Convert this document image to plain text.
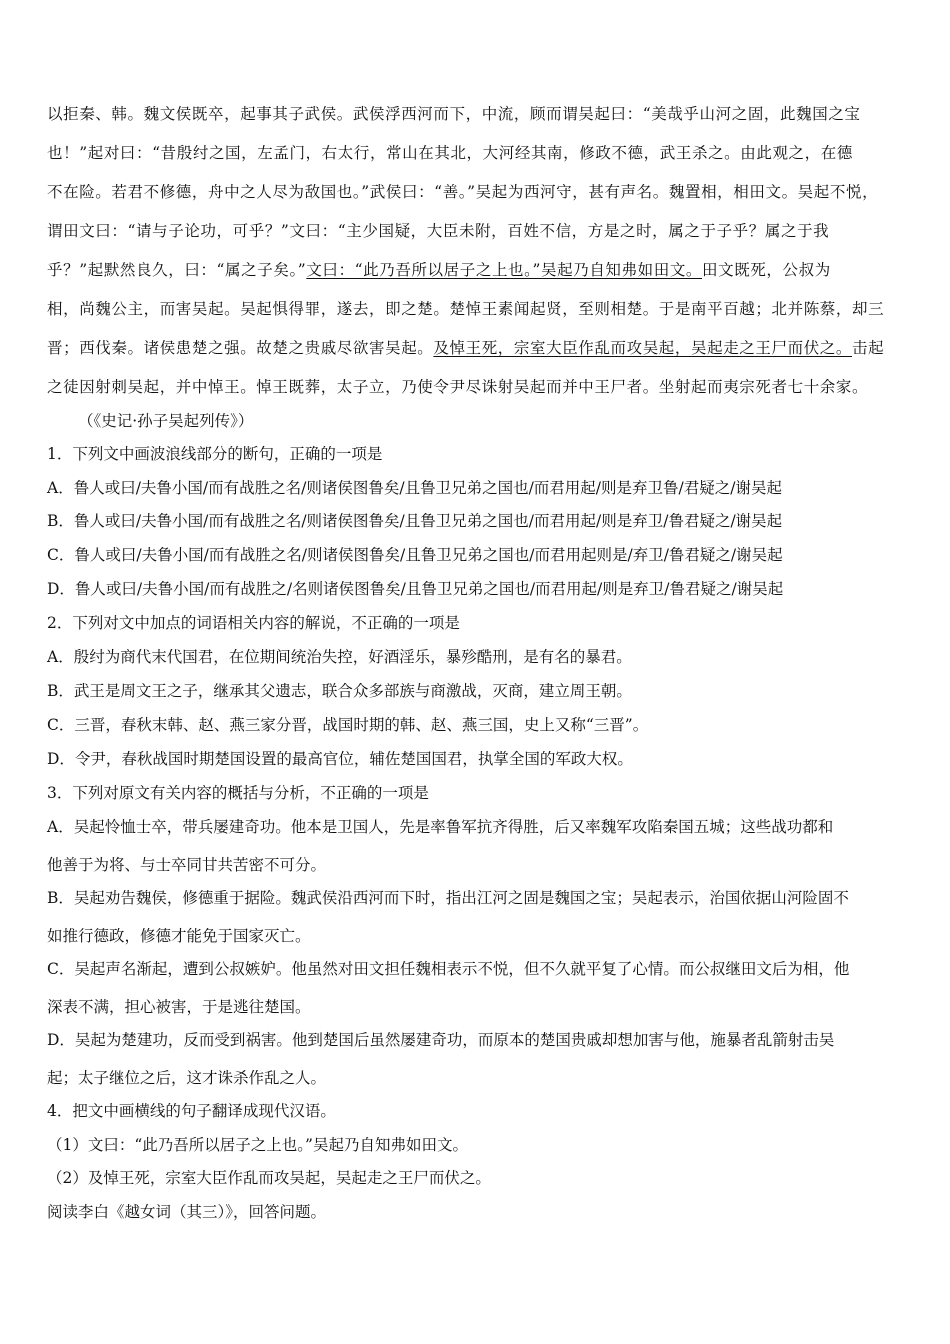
以拒秦、韩。魏文侯既卒，起事其子武侯。武侯浮西河而下，中流，顾而谓吴起曰：“美哉乎山河之固，此魏国之宝
也！”起对曰：“昔殷纣之国，左孟门，右太行，常山在其北，大河经其南，修政不德，武王杀之。由此观之，在德
不在险。若君不修德，舟中之人尽为敌国也。”武侯曰：“善。”吴起为西河守，甚有声名。魏置相，相田文。吴起不悦，
谓田文曰：“请与子论功，可乎？”文曰：“主少国疑，大臣未附，百姓不信，方是之时，属之于子乎？属之于我
乎？”起默然良久，曰：“属之子矣。”文曰：“此乃吾所以居子之上也。”吴起乃自知弗如田文。田文既死，公叔为
相，尚魏公主，而害吴起。吴起惧得罪，遂去，即之楚。楚悼王素闻起贤，至则相楚。于是南平百越；北并陈蔡，却三
晋；西伐秦。诸侯患楚之强。故楚之贵戚尽欲害吴起。及悼王死，宗室大臣作乱而攻吴起，吴起走之王尸而伏之。击起
之徒因射刺吴起，并中悼王。悼王既葬，太子立，乃使令尹尽诛射吴起而并中王尸者。坐射起而夷宗死者七十余家。
（《史记·孙子吴起列传》）
1．下列文中画波浪线部分的断句，正确的一项是
A．鲁人或曰/夫鲁小国/而有战胜之名/则诸侯图鲁矣/且鲁卫兄弟之国也/而君用起/则是弃卫鲁/君疑之/谢吴起
B．鲁人或曰/夫鲁小国/而有战胜之名/则诸侯图鲁矣/且鲁卫兄弟之国也/而君用起/则是弃卫/鲁君疑之/谢吴起
C．鲁人或曰/夫鲁小国/而有战胜之名/则诸侯图鲁矣/且鲁卫兄弟之国也/而君用起则是/弃卫/鲁君疑之/谢吴起
D．鲁人或曰/夫鲁小国/而有战胜之/名则诸侯图鲁矣/且鲁卫兄弟之国也/而君用起/则是弃卫/鲁君疑之/谢吴起
2．下列对文中加点的词语相关内容的解说，不正确的一项是
A．殷纣为商代末代国君，在位期间统治失控，好酒淫乐，暴殄酷刑，是有名的暴君。
B．武王是周文王之子，继承其父遗志，联合众多部族与商激战，灭商，建立周王朝。
C．三晋，春秋末韩、赵、燕三家分晋，战国时期的韩、赵、燕三国，史上又称“三晋”。
D．令尹，春秋战国时期楚国设置的最高官位，辅佐楚国国君，执掌全国的军政大权。
3．下列对原文有关内容的概括与分析，不正确的一项是
A．吴起怜恤士卒，带兵屡建奇功。他本是卫国人，先是率鲁军抗齐得胜，后又率魏军攻陷秦国五城；这些战功都和
他善于为将、与士卒同甘共苦密不可分。
B．吴起劝告魏侯，修德重于据险。魏武侯沿西河而下时，指出江河之固是魏国之宝；吴起表示，治国依据山河险固不
如推行德政，修德才能免于国家灭亡。
C．吴起声名渐起，遭到公叔嫉妒。他虽然对田文担任魏相表示不悦，但不久就平复了心情。而公叔继田文后为相，他
深表不满，担心被害，于是逃往楚国。
D．吴起为楚建功，反而受到祸害。他到楚国后虽然屡建奇功，而原本的楚国贵戚却想加害与他，施暴者乱箭射击吴
起；太子继位之后，这才诛杀作乱之人。
4．把文中画横线的句子翻译成现代汉语。
（1）文曰：“此乃吾所以居子之上也。”吴起乃自知弗如田文。
（2）及悼王死，宗室大臣作乱而攻吴起，吴起走之王尸而伏之。
阅读李白《越女词（其三）》，回答问题。
